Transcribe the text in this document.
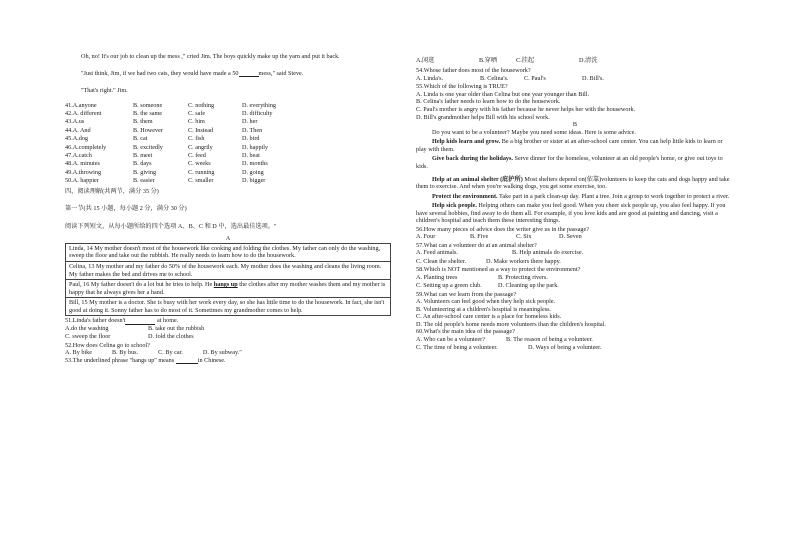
Oh, no! It's our job to clean up the mess ," cried Jim. The boys quickly make up the yarn and put it back.

"Just think, Jim, if we had two cats, they would have made a 50	mess," said Steve.

"That's right." Jim.

41.A.anyone	B. someone	C. nothing	D. everything
42.A. different	B. the same	C. safe	D. difficulty
43.A.us	B. them	C. him	D. her
44.A. And	B. However	C. Instead	D. Then
45.A.dog	B. cat	C. fish	D. bird
46.A.completely	B. excitedly	C. angrily	D. happily
47.A.catch	B. meet	C. feed	D. beat
48.A. minutes	B. days	C. weeks	D. months
49.A.throwing	B. giving	C. running	D. going
50.A. happier	B. easier	C. smaller	D. bigger

四、阅读理解(共两节，满分 35 分)

第一节(共 15 小题，每小题 2 分，满分 30 分)

阅读下列短文，从每小题所给的四个选项 A、B、C 和 D 中，选出最佳选项。"

A

Linda, 14 My mother doesn't most of the housework like cooking and folding the clothes. My father can only do the washing, sweep the floor and take out the rubbish. He really needs to learn how to do the housework.
Celina, 13 My mother and my father do 50% of the housework each. My mother does the washing and cleans the living room. My father makes the bed and drives me to school.
Paul, 16 My father doesn't do a lot but he tries to help. He hangs up the clothes after my mother washes them and my mother is happy that he always gives her a hand.
Bill, 15 My mother is a doctor. She is busy with her work every day, so she has little time to do the housework. In fact, she isn't good at doing it. Sonny father has to do most of it. Sometimes my grandmother comes to help.

51.Linda's father doesn't	at home.

A.do the washing	B. take out the rubbish
C. sweep the floor	D. fold the clothes

52.How does Celina go to school?

A. By bike	B. By bus.	C. By car.	D. By subway."

53.The underlined phrase "hangs up" means	in Chinese.

A.闲逛	B.穿晒	C.挂起	D.清洗

54.Whose father does most of the housework?

A. Linda's.	B. Celina's.	C. Paul's	D. Bill's.

55.Which of the following is TRUE?

A. Linda is one year older than Celina but one year younger than Bill.

B. Celina's father needs to learn how to do the housework.

C. Paul's mother is angry with his father because he never helps her with the housework.

D. Bill's grandmother helps Bill with his school work.

B

Do you want to be a volunteer? Maybe you need some ideas. Here is some advice.

Help kids learn and grow. Be a big brother or sister at an after-school care center. You can help little kids to learn or play with them.

Give back during the holidays. Serve dinner for the homeless, volunteer at an old people's home, or give out toys to kids.

Help at an animal shelter (庇护所) Most shelters depend on(依靠)volunteers to keep the cats and dogs happy and take them to exercise. And when you're walking dogs, you get some exercise, too.

Protect the environment. Take part in a park clean-up day. Plant a tree. Join a group to work together to protect a river.

Help sick people. Helping others can make you feel good. When you cheer sick people up, you also feel happy. If you have several hobbies, find away to do them all. For example, if you love kids and are good at painting and dancing, visit a children's hospital and teach them these interesting things.

56.How many pieces of advice does the writer give us in the passage?

A. Four	B. Five	C. Six	D. Seven

57.What can a volunteer do at an animal shelter?

A. Feed animals.	B. Help animals do exercise.
C. Clean the shelter.	D. Make workers there happy.

58.Which is NOT mentioned as a way to protect the environment?

A. Planting trees	B. Protecting rivers.
C. Setting up a green club.	D. Cleaning up the park.

59.What can we learn from the passage?

A. Volunteers can feel good when they help sick people.

B. Volunteering at a children's hospital is meaningless.

C. An after-school care center is a place for homeless kids.

D. The old people's home needs more volunteers than the children's hospital.

60.What's the main idea of the passage?

A. Who can be a volunteer?	B. The reason of being a volunteer.
C. The time of being a volunteer.	D. Ways of being a volunteer.
